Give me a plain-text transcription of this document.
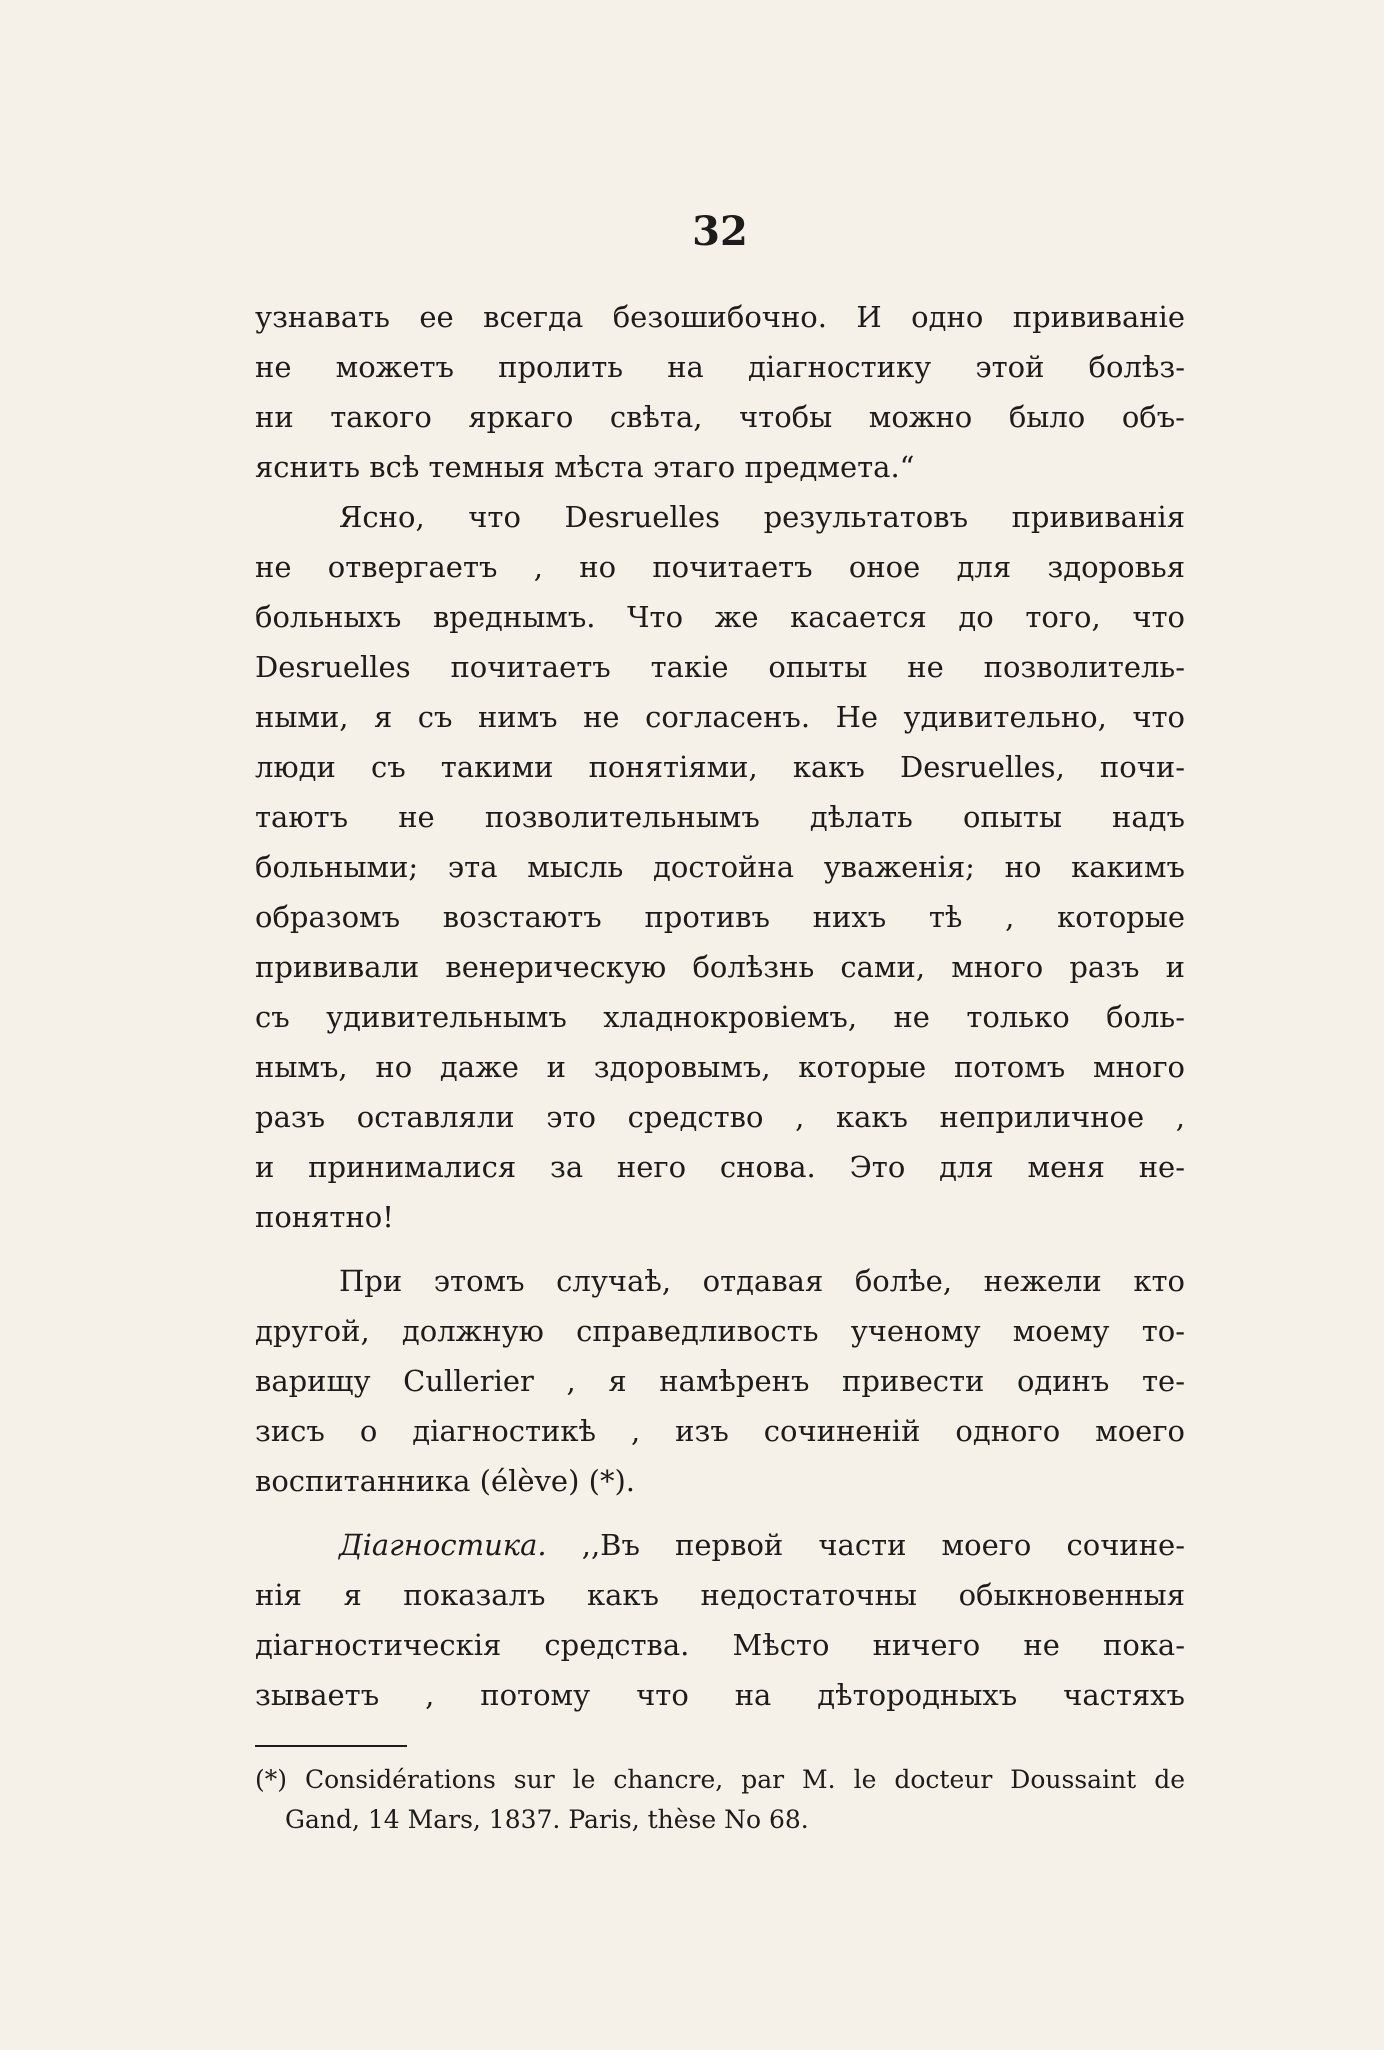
32
узнавать ее всегда безошибочно. И одно прививаніе
не можетъ пролить на діагностику этой болѣз-
ни такого яркаго свѣта, чтобы можно было объ-
яснить всѣ темныя мѣста этаго предмета.“
Ясно, что Desruelles результатовъ прививанія
не отвергаетъ , но почитаетъ оное для здоровья
больныхъ вреднымъ. Что же касается до того, что
Desruelles почитаетъ такіе опыты не позволитель-
ными, я съ нимъ не согласенъ. Не удивительно, что
люди съ такими понятіями, какъ Desruelles, почи-
таютъ не позволительнымъ дѣлать опыты надъ
больными; эта мысль достойна уваженія; но какимъ
образомъ возстаютъ противъ нихъ тѣ , которые
прививали венерическую болѣзнь сами, много разъ и
съ удивительнымъ хладнокровіемъ, не только боль-
нымъ, но даже и здоровымъ, которые потомъ много
разъ оставляли это средство , какъ неприличное ,
и принималися за него снова. Это для меня не-
понятно!
При этомъ случаѣ, отдавая болѣе, нежели кто
другой, должную справедливость ученому моему то-
варищу Cullerier , я намѣренъ привести одинъ те-
зисъ о діагностикѣ , изъ сочиненій одного моего
воспитанника (élève) (*).
Діагностика. ,,Въ первой части моего сочине-
нія я показалъ какъ недостаточны обыкновенныя
діагностическія средства. Мѣсто ничего не пока-
зываетъ , потому что на дѣтородныхъ частяхъ
(*) Considérations sur le chancre, par M. le docteur Doussaint de
Gand, 14 Mars, 1837. Paris, thèse No 68.
